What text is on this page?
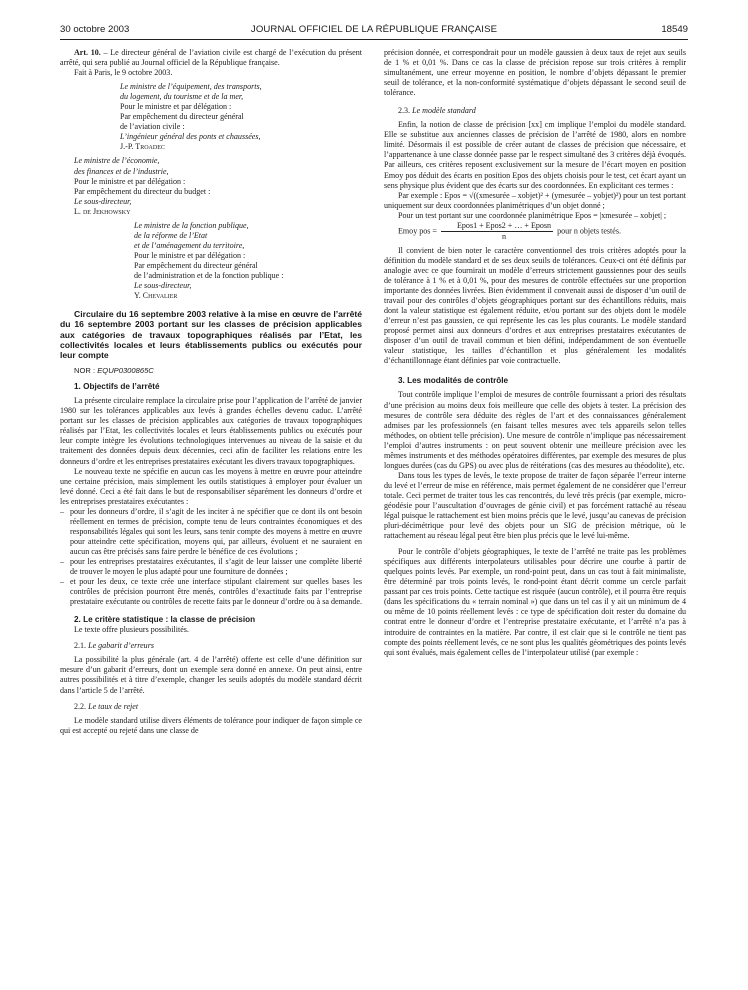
30 octobre 2003	JOURNAL OFFICIEL DE LA RÉPUBLIQUE FRANÇAISE	18549

Art. 10. – Le directeur général de l’aviation civile est chargé de l’exécution du présent arrêté, qui sera publié au Journal officiel de la République française.

Fait à Paris, le 9 octobre 2003.

Le ministre de l’équipement, des transports,

du logement, du tourisme et de la mer,

Pour le ministre et par délégation :

Par empêchement du directeur général

de l’aviation civile :

L’ingénieur général des ponts et chaussées,

J.-P. Troadec

Le ministre de l’économie,

des finances et de l’industrie,

Pour le ministre et par délégation :

Par empêchement du directeur du budget :

Le sous-directeur,

L. de Jekhowsky

Le ministre de la fonction publique,

de la réforme de l’Etat

et de l’aménagement du territoire,

Pour le ministre et par délégation :

Par empêchement du directeur général

de l’administration et de la fonction publique :

Le sous-directeur,

Y. Chevalier

Circulaire du 16 septembre 2003 relative à la mise en œuvre de l’arrêté du 16 septembre 2003 portant sur les classes de précision applicables aux catégories de travaux topographiques réalisés par l’Etat, les collectivités locales et leurs établissements publics ou exécutés pour leur compte

NOR : EQUP0300865C

1. Objectifs de l’arrêté

La présente circulaire remplace la circulaire prise pour l’application de l’arrêté de janvier 1980 sur les tolérances applicables aux levés à grandes échelles devenu caduc. L’arrêté portant sur les classes de précision applicables aux catégories de travaux topographiques réalisés par l’Etat, les collectivités locales et leurs établissements publics ou exécutés pour leur compte intègre les évolutions technologiques intervenues au niveau de la saisie et du traitement des données depuis deux décennies, ceci afin de faciliter les relations entre les donneurs d’ordre et les entreprises prestataires exécutant les divers travaux topographiques.

Le nouveau texte ne spécifie en aucun cas les moyens à mettre en œuvre pour atteindre une certaine précision, mais simplement les outils statistiques à employer pour évaluer un levé donné. Ceci a été fait dans le but de responsabiliser séparément les donneurs d’ordre et les entreprises prestataires exécutantes :

– pour les donneurs d’ordre, il s’agit de les inciter à ne spécifier que ce dont ils ont besoin réellement en termes de précision, compte tenu de leurs contraintes économiques et des responsabilités légales qui sont les leurs, sans tenir compte des moyens à mettre en œuvre pour atteindre cette spécification, moyens qui, par ailleurs, évoluent et ne sauraient en aucun cas être précisés sans faire perdre le bénéfice de ces évolutions ;
– pour les entreprises prestataires exécutantes, il s’agit de leur laisser une complète liberté de trouver le moyen le plus adapté pour une fourniture de données ;
– et pour les deux, ce texte crée une interface stipulant clairement sur quelles bases les contrôles de précision pourront être menés, contrôles d’exactitude faits par l’entreprise prestataire exécutante ou contrôles de recette faits par le donneur d’ordre ou à sa demande.

2. Le critère statistique : la classe de précision

Le texte offre plusieurs possibilités.

2.1. Le gabarit d’erreurs

La possibilité la plus générale (art. 4 de l’arrêté) offerte est celle d’une définition sur mesure d’un gabarit d’erreurs, dont un exemple sera donné en annexe. On peut ainsi, entre autres possibilités et à titre d’exemple, changer les seuils adoptés du modèle standard décrit dans l’article 5 de l’arrêté.

2.2. Le taux de rejet

Le modèle standard utilise divers éléments de tolérance pour indiquer de façon simple ce qui est accepté ou rejeté dans une classe de

précision donnée, et correspondrait pour un modèle gaussien à deux taux de rejet aux seuils de 1 % et 0,01 %. Dans ce cas la classe de précision repose sur trois critères à remplir simultanément, une erreur moyenne en position, le nombre d’objets dépassant le premier seuil de tolérance, et la non-conformité systématique d’objets dépassant le second seuil de tolérance.

2.3. Le modèle standard

Enfin, la notion de classe de précision [xx] cm implique l’emploi du modèle standard. Elle se substitue aux anciennes classes de précision de l’arrêté de 1980, alors en nombre limité. Désormais il est possible de créer autant de classes de précision que nécessaire, et l’appartenance à une classe donnée passe par le respect simultané des 3 critères déjà évoqués. Par ailleurs, ces critères reposent exclusivement sur la mesure de l’écart moyen en position Emoy pos déduit des écarts en position Epos des objets choisis pour le test, cet écart ayant un sens physique plus évident que des écarts sur des coordonnées. En explicitant ces termes :

Par exemple : Epos = √((xmesurée – xobjet)² + (ymesurée – yobjet)²) pour un test portant uniquement sur deux coordonnées planimétriques d’un objet donné ;

Pour un test portant sur une coordonnée planimétrique Epos = |xmesurée – xobjet| ;

Emoy pos = $\frac{\text{Epos1 + Epos2 + … + Eposn}}{n}$ pour n objets testés.

Il convient de bien noter le caractère conventionnel des trois critères adoptés pour la définition du modèle standard et de ses deux seuils de tolérances. Ceux-ci ont été définis par analogie avec ce que fournirait un modèle d’erreurs strictement gaussiennes pour des seuils de tolérance à 1 % et à 0,01 %, pour des mesures de contrôle effectuées sur une proportion importante des données livrées. Bien évidemment il convenait aussi de disposer d’un outil de travail pour des contrôles d’objets géographiques portant sur des échantillons réduits, mais dont la valeur statistique est également réduite, et/ou portant sur des objets dont le modèle d’erreur n’est pas gaussien, ce qui représente les cas les plus courants. Le modèle standard proposé permet ainsi aux donneurs d’ordres et aux entreprises prestataires exécutantes de disposer d’un outil de travail commun et bien défini, indépendamment de son éventuelle valeur statistique, les tailles d’échantillon et plus généralement les modalités d’échantillonnage étant définies par voie contractuelle.

3. Les modalités de contrôle

Tout contrôle implique l’emploi de mesures de contrôle fournissant a priori des résultats d’une précision au moins deux fois meilleure que celle des objets à tester. La précision des mesures de contrôle sera déduite des règles de l’art et des connaissances généralement admises par les professionnels (en faisant telles mesures avec tels appareils selon telles méthodes, on obtient telle précision). Une mesure de contrôle n’implique pas nécessairement l’emploi d’autres instruments : on peut souvent obtenir une meilleure précision avec les mêmes instruments et des méthodes opératoires différentes, par exemple des mesures de plus longues durées (cas du GPS) ou avec plus de réitérations (cas des mesures au théodolite), etc.

Dans tous les types de levés, le texte propose de traiter de façon séparée l’erreur interne du levé et l’erreur de mise en référence, mais permet également de ne considérer que l’erreur totale. Ceci permet de traiter tous les cas rencontrés, du levé très précis (par exemple, micro-géodésie pour l’auscultation d’ouvrages de génie civil) et pas forcément rattaché au réseau légal puisque le rattachement est bien moins précis que le levé, jusqu’au canevas de précision pluri-décimétrique pour levé des objets pour un SIG de précision métrique, où le rattachement au réseau légal peut être bien plus précis que le levé lui-même.

Pour le contrôle d’objets géographiques, le texte de l’arrêté ne traite pas les problèmes spécifiques aux différents interpolateurs utilisables pour décrire une courbe à partir de quelques points levés. Par exemple, un rond-point peut, dans un cas tout à fait minimaliste, être déterminé par trois points levés, le rond-point étant décrit comme un cercle parfait passant par ces trois points. Cette tactique est risquée (aucun contrôle), et il pourra être requis (dans les spécifications du « terrain nominal ») que dans un tel cas il y ait un minimum de 4 ou même de 10 points réellement levés : ce type de spécification doit rester du domaine du contrat entre le donneur d’ordre et l’entreprise prestataire exécutante, et l’arrêté n’a pas à introduire de contraintes en la matière. Par contre, il est clair que si le contrôle ne tient pas compte des points réellement levés, ce ne sont plus les qualités géométriques des points levés qui sont évalués, mais également celles de l’interpolateur utilisé (par exemple :
